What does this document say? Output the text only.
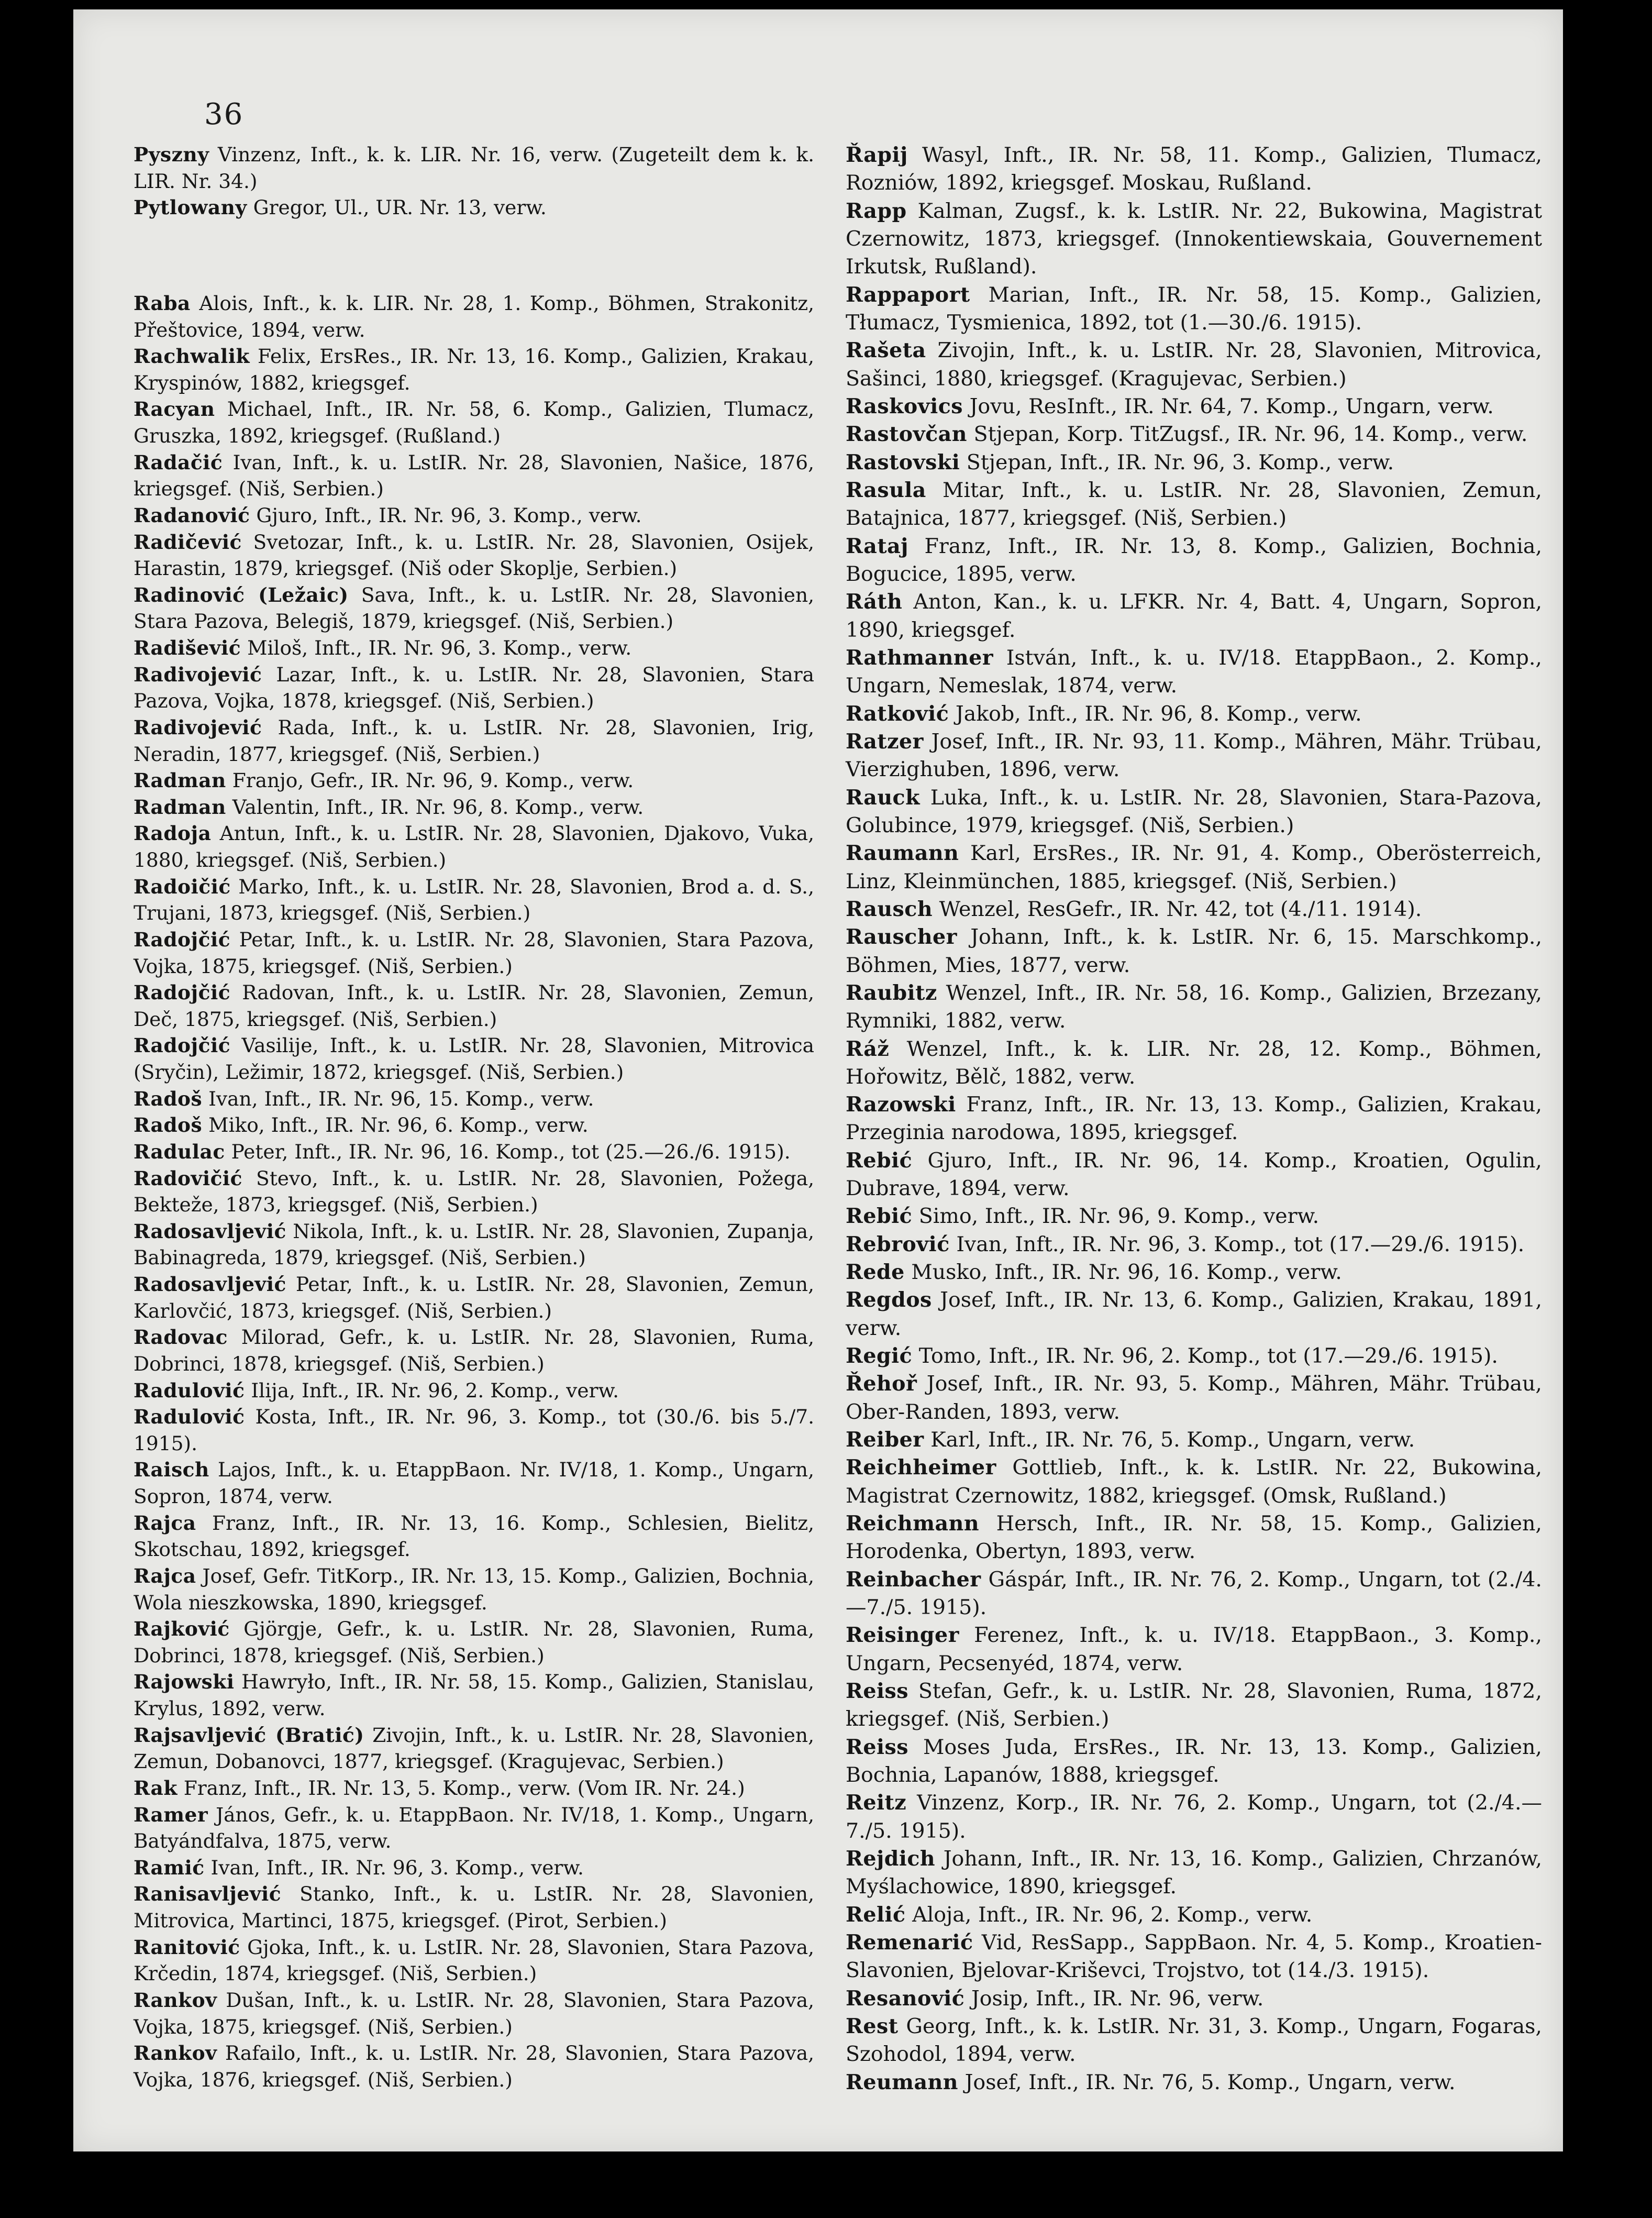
36

Pyszny Vinzenz, Inft., k. k. LIR. Nr. 16, verw. (Zugeteilt dem k. k. LIR. Nr. 34.)

Pytlowany Gregor, Ul., UR. Nr. 13, verw.

Raba Alois, Inft., k. k. LIR. Nr. 28, 1. Komp., Böhmen, Strakonitz, Přeštovice, 1894, verw.

Rachwalik Felix, ErsRes., IR. Nr. 13, 16. Komp., Galizien, Krakau, Kryspinów, 1882, kriegsgef.

Racyan Michael, Inft., IR. Nr. 58, 6. Komp., Galizien, Tlumacz, Gruszka, 1892, kriegsgef. (Rußland.)

Radačić Ivan, Inft., k. u. LstIR. Nr. 28, Slavonien, Našice, 1876, kriegsgef. (Niš, Serbien.)

Radanović Gjuro, Inft., IR. Nr. 96, 3. Komp., verw.

Radičević Svetozar, Inft., k. u. LstIR. Nr. 28, Slavonien, Osijek, Harastin, 1879, kriegsgef. (Niš oder Skoplje, Serbien.)

Radinović (Ležaic) Sava, Inft., k. u. LstIR. Nr. 28, Slavonien, Stara Pazova, Belegiš, 1879, kriegsgef. (Niš, Serbien.)

Radišević Miloš, Inft., IR. Nr. 96, 3. Komp., verw.

Radivojević Lazar, Inft., k. u. LstIR. Nr. 28, Slavonien, Stara Pazova, Vojka, 1878, kriegsgef. (Niš, Serbien.)

Radivojević Rada, Inft., k. u. LstIR. Nr. 28, Slavonien, Irig, Neradin, 1877, kriegsgef. (Niš, Serbien.)

Radman Franjo, Gefr., IR. Nr. 96, 9. Komp., verw.

Radman Valentin, Inft., IR. Nr. 96, 8. Komp., verw.

Radoja Antun, Inft., k. u. LstIR. Nr. 28, Slavonien, Djakovo, Vuka, 1880, kriegsgef. (Niš, Serbien.)

Radoičić Marko, Inft., k. u. LstIR. Nr. 28, Slavonien, Brod a. d. S., Trujani, 1873, kriegsgef. (Niš, Serbien.)

Radojčić Petar, Inft., k. u. LstIR. Nr. 28, Slavonien, Stara Pazova, Vojka, 1875, kriegsgef. (Niš, Serbien.)

Radojčić Radovan, Inft., k. u. LstIR. Nr. 28, Slavonien, Zemun, Deč, 1875, kriegsgef. (Niš, Serbien.)

Radojčić Vasilije, Inft., k. u. LstIR. Nr. 28, Slavonien, Mitrovica (Sryčin), Ležimir, 1872, kriegsgef. (Niš, Serbien.)

Radoš Ivan, Inft., IR. Nr. 96, 15. Komp., verw.

Radoš Miko, Inft., IR. Nr. 96, 6. Komp., verw.

Radulac Peter, Inft., IR. Nr. 96, 16. Komp., tot (25.—26./6. 1915).

Radovičić Stevo, Inft., k. u. LstIR. Nr. 28, Slavonien, Požega, Bekteže, 1873, kriegsgef. (Niš, Serbien.)

Radosavljević Nikola, Inft., k. u. LstIR. Nr. 28, Slavonien, Zupanja, Babinagreda, 1879, kriegsgef. (Niš, Serbien.)

Radosavljević Petar, Inft., k. u. LstIR. Nr. 28, Slavonien, Zemun, Karlovčić, 1873, kriegsgef. (Niš, Serbien.)

Radovac Milorad, Gefr., k. u. LstIR. Nr. 28, Slavonien, Ruma, Dobrinci, 1878, kriegsgef. (Niš, Serbien.)

Radulović Ilija, Inft., IR. Nr. 96, 2. Komp., verw.

Radulović Kosta, Inft., IR. Nr. 96, 3. Komp., tot (30./6. bis 5./7. 1915).

Raisch Lajos, Inft., k. u. EtappBaon. Nr. IV/18, 1. Komp., Ungarn, Sopron, 1874, verw.

Rajca Franz, Inft., IR. Nr. 13, 16. Komp., Schlesien, Bielitz, Skotschau, 1892, kriegsgef.

Rajca Josef, Gefr. TitKorp., IR. Nr. 13, 15. Komp., Galizien, Bochnia, Wola nieszkowska, 1890, kriegsgef.

Rajković Gjörgje, Gefr., k. u. LstIR. Nr. 28, Slavonien, Ruma, Dobrinci, 1878, kriegsgef. (Niš, Serbien.)

Rajowski Hawryło, Inft., IR. Nr. 58, 15. Komp., Galizien, Stanislau, Krylus, 1892, verw.

Rajsavljević (Bratić) Zivojin, Inft., k. u. LstIR. Nr. 28, Slavonien, Zemun, Dobanovci, 1877, kriegsgef. (Kragujevac, Serbien.)

Rak Franz, Inft., IR. Nr. 13, 5. Komp., verw. (Vom IR. Nr. 24.)

Ramer János, Gefr., k. u. EtappBaon. Nr. IV/18, 1. Komp., Ungarn, Batyándfalva, 1875, verw.

Ramić Ivan, Inft., IR. Nr. 96, 3. Komp., verw.

Ranisavljević Stanko, Inft., k. u. LstIR. Nr. 28, Slavonien, Mitrovica, Martinci, 1875, kriegsgef. (Pirot, Serbien.)

Ranitović Gjoka, Inft., k. u. LstIR. Nr. 28, Slavonien, Stara Pazova, Krčedin, 1874, kriegsgef. (Niš, Serbien.)

Rankov Dušan, Inft., k. u. LstIR. Nr. 28, Slavonien, Stara Pazova, Vojka, 1875, kriegsgef. (Niš, Serbien.)

Rankov Rafailo, Inft., k. u. LstIR. Nr. 28, Slavonien, Stara Pazova, Vojka, 1876, kriegsgef. (Niš, Serbien.)

Řapij Wasyl, Inft., IR. Nr. 58, 11. Komp., Galizien, Tlumacz, Rozniów, 1892, kriegsgef. Moskau, Rußland.

Rapp Kalman, Zugsf., k. k. LstIR. Nr. 22, Bukowina, Magistrat Czernowitz, 1873, kriegsgef. (Innokentiewskaia, Gouvernement Irkutsk, Rußland).

Rappaport Marian, Inft., IR. Nr. 58, 15. Komp., Galizien, Tłumacz, Tysmienica, 1892, tot (1.—30./6. 1915).

Rašeta Zivojin, Inft., k. u. LstIR. Nr. 28, Slavonien, Mitrovica, Sašinci, 1880, kriegsgef. (Kragujevac, Serbien.)

Raskovics Jovu, ResInft., IR. Nr. 64, 7. Komp., Ungarn, verw.

Rastovčan Stjepan, Korp. TitZugsf., IR. Nr. 96, 14. Komp., verw.

Rastovski Stjepan, Inft., IR. Nr. 96, 3. Komp., verw.

Rasula Mitar, Inft., k. u. LstIR. Nr. 28, Slavonien, Zemun, Batajnica, 1877, kriegsgef. (Niš, Serbien.)

Rataj Franz, Inft., IR. Nr. 13, 8. Komp., Galizien, Bochnia, Bogucice, 1895, verw.

Ráth Anton, Kan., k. u. LFKR. Nr. 4, Batt. 4, Ungarn, Sopron, 1890, kriegsgef.

Rathmanner István, Inft., k. u. IV/18. EtappBaon., 2. Komp., Ungarn, Nemeslak, 1874, verw.

Ratković Jakob, Inft., IR. Nr. 96, 8. Komp., verw.

Ratzer Josef, Inft., IR. Nr. 93, 11. Komp., Mähren, Mähr. Trübau, Vierzighuben, 1896, verw.

Rauck Luka, Inft., k. u. LstIR. Nr. 28, Slavonien, Stara-Pazova, Golubince, 1979, kriegsgef. (Niš, Serbien.)

Raumann Karl, ErsRes., IR. Nr. 91, 4. Komp., Oberösterreich, Linz, Kleinmünchen, 1885, kriegsgef. (Niš, Serbien.)

Rausch Wenzel, ResGefr., IR. Nr. 42, tot (4./11. 1914).

Rauscher Johann, Inft., k. k. LstIR. Nr. 6, 15. Marschkomp., Böhmen, Mies, 1877, verw.

Raubitz Wenzel, Inft., IR. Nr. 58, 16. Komp., Galizien, Brzezany, Rymniki, 1882, verw.

Ráž Wenzel, Inft., k. k. LIR. Nr. 28, 12. Komp., Böhmen, Hořowitz, Bělč, 1882, verw.

Razowski Franz, Inft., IR. Nr. 13, 13. Komp., Galizien, Krakau, Przeginia narodowa, 1895, kriegsgef.

Rebić Gjuro, Inft., IR. Nr. 96, 14. Komp., Kroatien, Ogulin, Dubrave, 1894, verw.

Rebić Simo, Inft., IR. Nr. 96, 9. Komp., verw.

Rebrović Ivan, Inft., IR. Nr. 96, 3. Komp., tot (17.—29./6. 1915).

Rede Musko, Inft., IR. Nr. 96, 16. Komp., verw.

Regdos Josef, Inft., IR. Nr. 13, 6. Komp., Galizien, Krakau, 1891, verw.

Regić Tomo, Inft., IR. Nr. 96, 2. Komp., tot (17.—29./6. 1915).

Řehoř Josef, Inft., IR. Nr. 93, 5. Komp., Mähren, Mähr. Trübau, Ober-Randen, 1893, verw.

Reiber Karl, Inft., IR. Nr. 76, 5. Komp., Ungarn, verw.

Reichheimer Gottlieb, Inft., k. k. LstIR. Nr. 22, Bukowina, Magistrat Czernowitz, 1882, kriegsgef. (Omsk, Rußland.)

Reichmann Hersch, Inft., IR. Nr. 58, 15. Komp., Galizien, Horodenka, Obertyn, 1893, verw.

Reinbacher Gáspár, Inft., IR. Nr. 76, 2. Komp., Ungarn, tot (2./4.—7./5. 1915).

Reisinger Ferenez, Inft., k. u. IV/18. EtappBaon., 3. Komp., Ungarn, Pecsenyéd, 1874, verw.

Reiss Stefan, Gefr., k. u. LstIR. Nr. 28, Slavonien, Ruma, 1872, kriegsgef. (Niš, Serbien.)

Reiss Moses Juda, ErsRes., IR. Nr. 13, 13. Komp., Galizien, Bochnia, Lapanów, 1888, kriegsgef.

Reitz Vinzenz, Korp., IR. Nr. 76, 2. Komp., Ungarn, tot (2./4.—7./5. 1915).

Rejdich Johann, Inft., IR. Nr. 13, 16. Komp., Galizien, Chrzanów, Myślachowice, 1890, kriegsgef.

Relić Aloja, Inft., IR. Nr. 96, 2. Komp., verw.

Remenarić Vid, ResSapp., SappBaon. Nr. 4, 5. Komp., Kroatien-Slavonien, Bjelovar-Kriševci, Trojstvo, tot (14./3. 1915).

Resanović Josip, Inft., IR. Nr. 96, verw.

Rest Georg, Inft., k. k. LstIR. Nr. 31, 3. Komp., Ungarn, Fogaras, Szohodol, 1894, verw.

Reumann Josef, Inft., IR. Nr. 76, 5. Komp., Ungarn, verw.
